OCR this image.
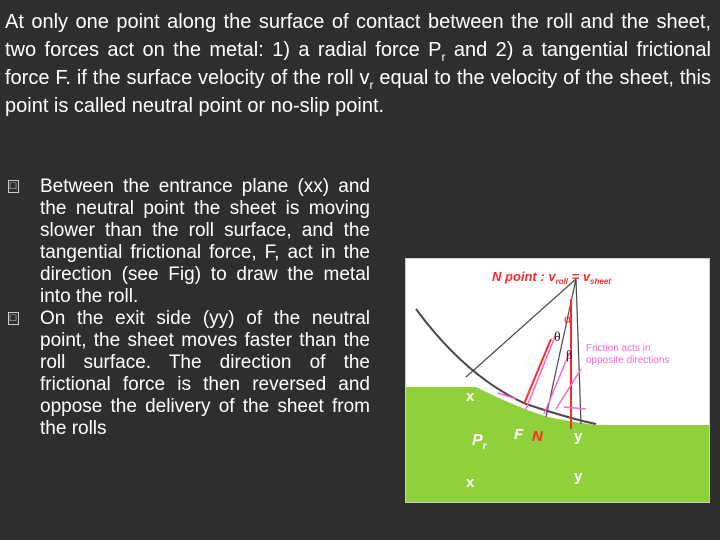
At only one point along the surface of contact between the roll and the sheet, two forces act on the metal: 1) a radial force $P_r$ and 2) a tangential frictional force F. if the surface velocity of the roll $v_r$ equal to the velocity of the sheet, this point is called neutral point or no-slip point.
☐ Between the entrance plane (xx) and the neutral point the sheet is moving slower than the roll surface, and the tangential frictional force, F, act in the direction (see Fig) to draw the metal into the roll.
☐ On the exit side (yy) of the neutral point, the sheet moves faster than the roll surface. The direction of the frictional force is then reversed and oppose the delivery of the sheet from the rolls
N point : $v_{roll} = v_{sheet}$
Friction acts in
opposite directions
α
θ
β
x
x
y
y
$P_r$
F N
